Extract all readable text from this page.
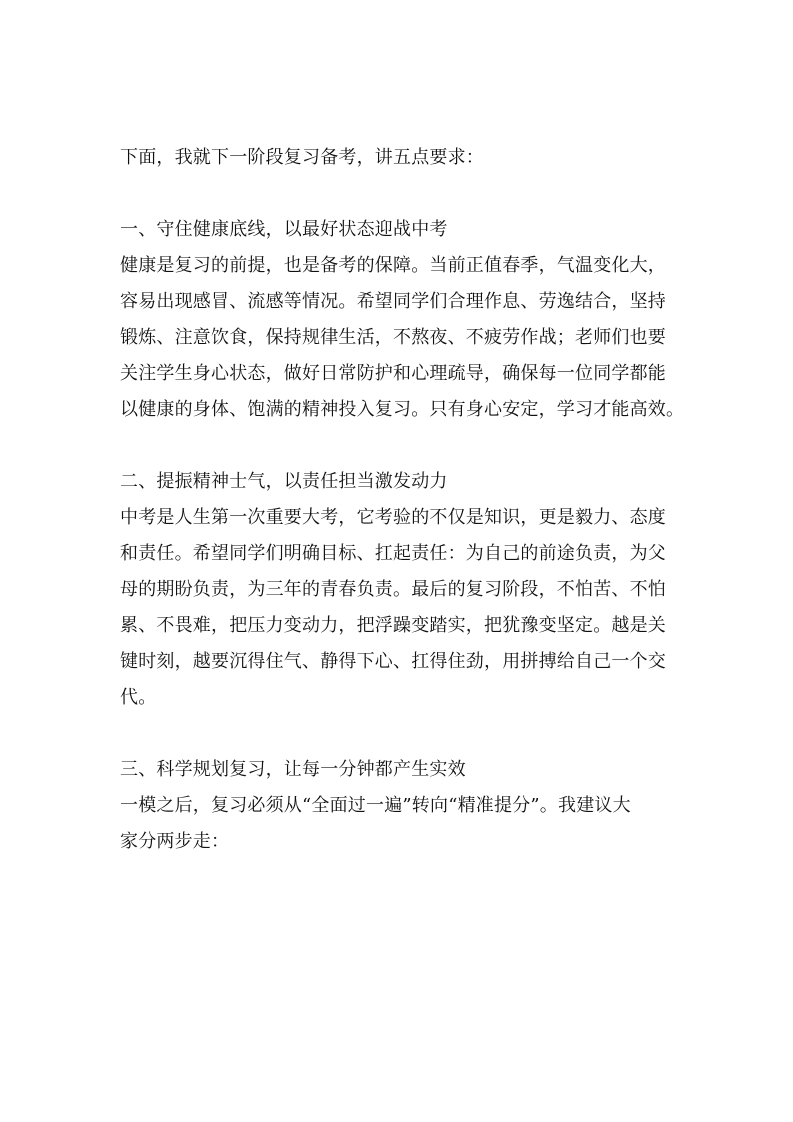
下面，我就下一阶段复习备考，讲五点要求：
一、守住健康底线，以最好状态迎战中考
健康是复习的前提，也是备考的保障。当前正值春季，气温变化大，
容易出现感冒、流感等情况。希望同学们合理作息、劳逸结合，坚持
锻炼、注意饮食，保持规律生活，不熬夜、不疲劳作战；老师们也要
关注学生身心状态，做好日常防护和心理疏导，确保每一位同学都能
以健康的身体、饱满的精神投入复习。只有身心安定，学习才能高效。
二、提振精神士气，以责任担当激发动力
中考是人生第一次重要大考，它考验的不仅是知识，更是毅力、态度
和责任。希望同学们明确目标、扛起责任：为自己的前途负责，为父
母的期盼负责，为三年的青春负责。最后的复习阶段，不怕苦、不怕
累、不畏难，把压力变动力，把浮躁变踏实，把犹豫变坚定。越是关
键时刻，越要沉得住气、静得下心、扛得住劲，用拼搏给自己一个交
代。
三、科学规划复习，让每一分钟都产生实效
一模之后，复习必须从“全面过一遍”转向“精准提分”。我建议大
家分两步走：
